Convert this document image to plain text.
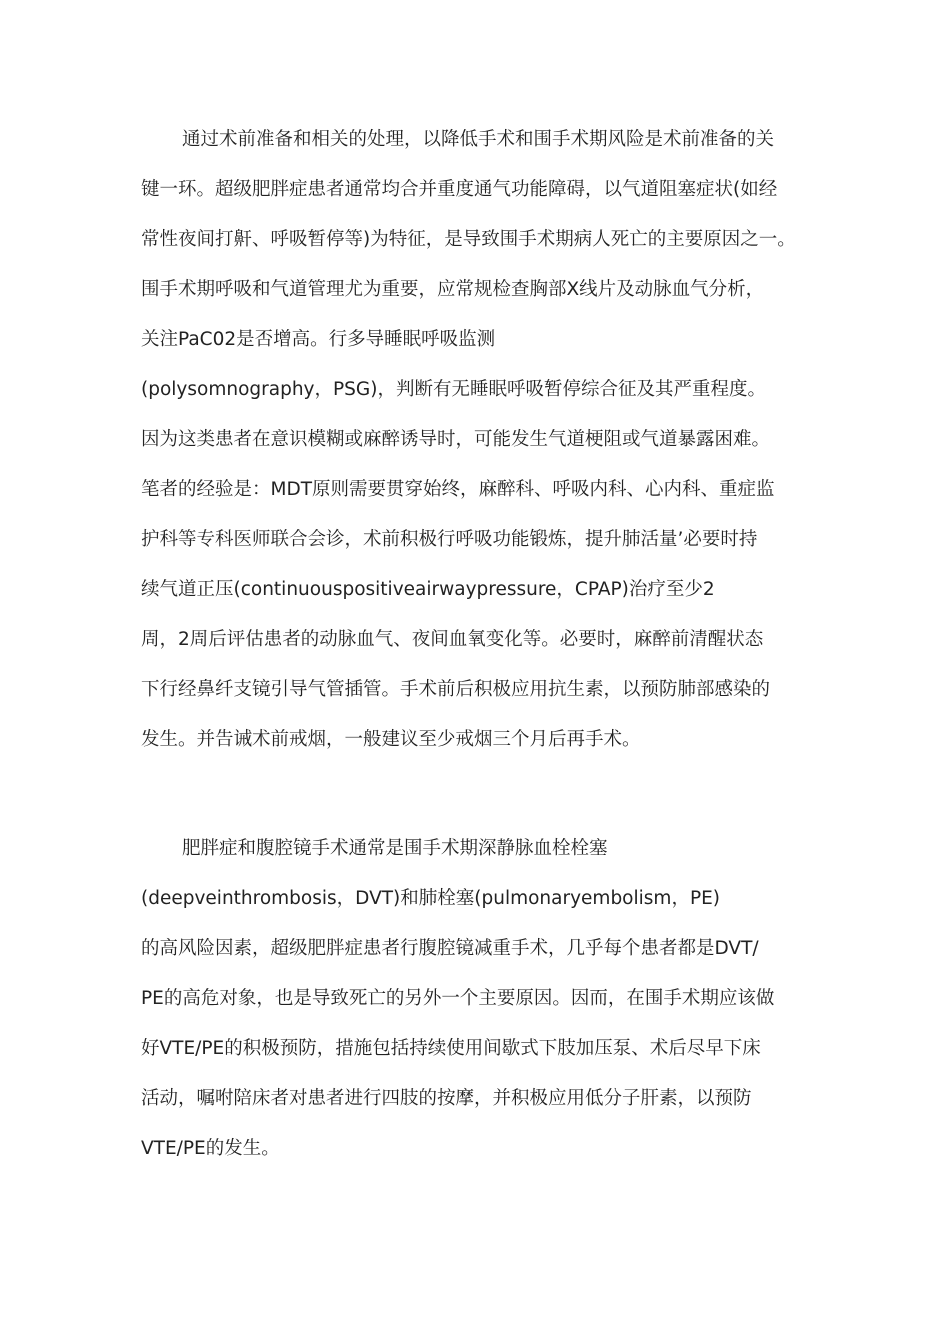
通过术前准备和相关的处理，以降低手术和围手术期风险是术前准备的关
键一环。超级肥胖症患者通常均合并重度通气功能障碍，以气道阻塞症状(如经
常性夜间打鼾、呼吸暂停等)为特征，是导致围手术期病人死亡的主要原因之一。
围手术期呼吸和气道管理尤为重要，应常规检查胸部X线片及动脉血气分析，
关注PaC02是否增高。行多导睡眠呼吸监测
(polysomnography，PSG)，判断有无睡眠呼吸暂停综合征及其严重程度。
因为这类患者在意识模糊或麻醉诱导时，可能发生气道梗阻或气道暴露困难。
笔者的经验是：MDT原则需要贯穿始终，麻醉科、呼吸内科、心内科、重症监
护科等专科医师联合会诊，术前积极行呼吸功能锻炼，提升肺活量’必要时持
续气道正压(continuouspositiveairwaypressure，CPAP)治疗至少2
周，2周后评估患者的动脉血气、夜间血氧变化等。必要时，麻醉前清醒状态
下行经鼻纤支镜引导气管插管。手术前后积极应用抗生素，以预防肺部感染的
发生。并告诫术前戒烟，一般建议至少戒烟三个月后再手术。
肥胖症和腹腔镜手术通常是围手术期深静脉血栓栓塞
(deepveinthrombosis，DVT)和肺栓塞(pulmonaryembolism，PE)
的高风险因素，超级肥胖症患者行腹腔镜减重手术，几乎每个患者都是DVT/
PE的高危对象，也是导致死亡的另外一个主要原因。因而，在围手术期应该做
好VTE/PE的积极预防，措施包括持续使用间歇式下肢加压泵、术后尽早下床
活动，嘱咐陪床者对患者进行四肢的按摩，并积极应用低分子肝素，以预防
VTE/PE的发生。
